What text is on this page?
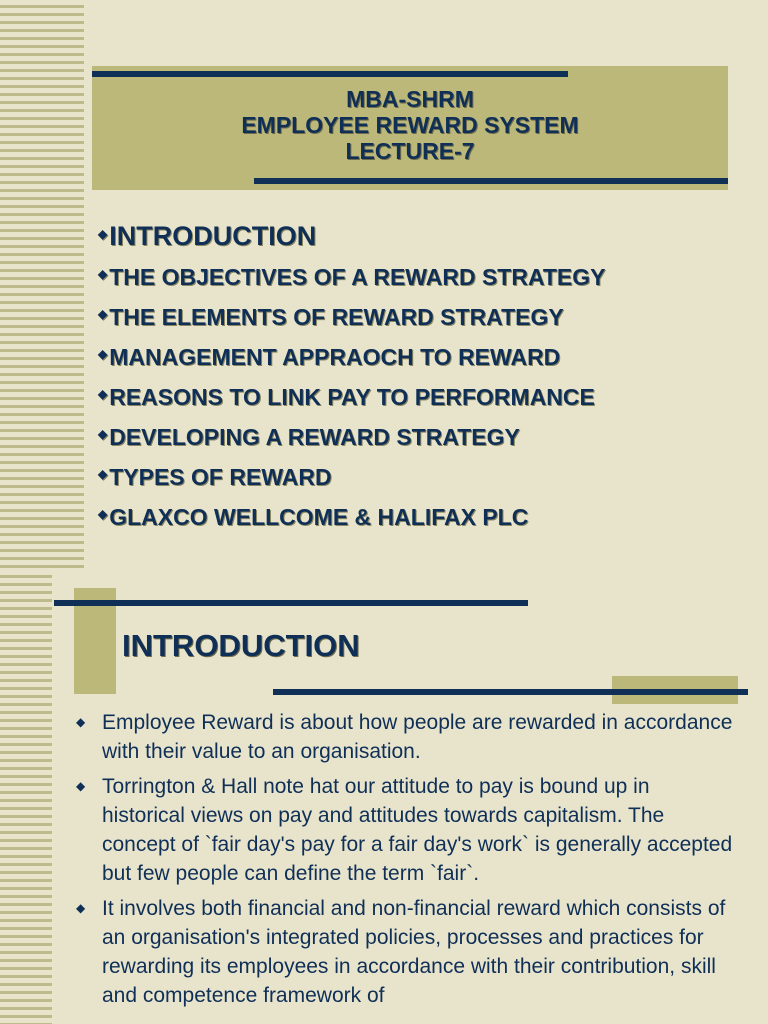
MBA-SHRM
EMPLOYEE REWARD SYSTEM
LECTURE-7
◆INTRODUCTION
◆THE OBJECTIVES OF A REWARD STRATEGY
◆THE ELEMENTS OF REWARD STRATEGY
◆MANAGEMENT APPRAOCH TO REWARD
◆REASONS TO LINK PAY TO PERFORMANCE
◆DEVELOPING A REWARD STRATEGY
◆TYPES OF REWARD
◆GLAXCO WELLCOME & HALIFAX PLC
INTRODUCTION
◆ Employee Reward is about how people are rewarded in accordance with their value to an organisation.
◆ Torrington & Hall note hat our attitude to pay is bound up in historical views on pay and attitudes towards capitalism. The concept of `fair day's pay for a fair day's work` is generally accepted but few people can define the term `fair`.
◆ It involves both financial and non-financial reward which consists of an organisation's integrated policies, processes and practices for rewarding its employees in accordance with their contribution, skill and competence framework of
